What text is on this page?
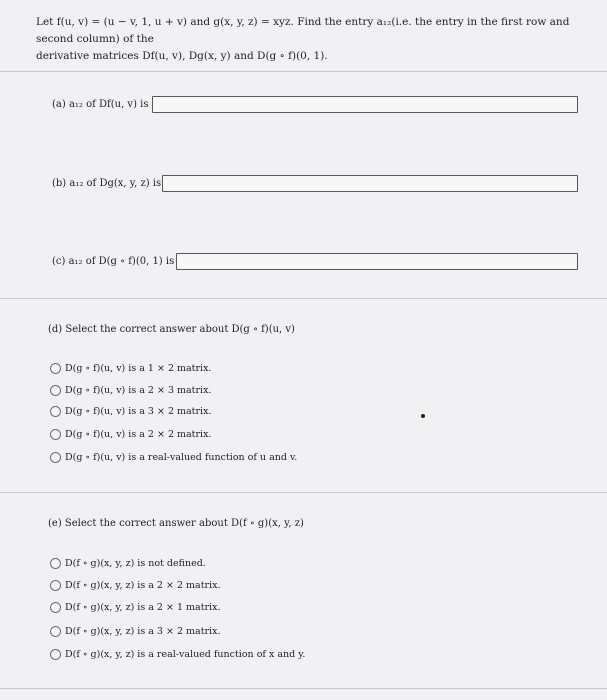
Let f(u, v) = (u − v, 1, u + v) and g(x, y, z) = xyz. Find the entry a₁₂(i.e. the entry in the first row and second column) of the
derivative matrices Df(u, v), Dg(x, y) and D(g ∘ f)(0, 1).
(a) a₁₂ of Df(u, v) is
(b) a₁₂ of Dg(x, y, z) is
(c) a₁₂ of D(g ∘ f)(0, 1) is
(d) Select the correct answer about D(g ∘ f)(u, v)
D(g ∘ f)(u, v) is a 1 × 2 matrix.
D(g ∘ f)(u, v) is a 2 × 3 matrix.
D(g ∘ f)(u, v) is a 3 × 2 matrix.
D(g ∘ f)(u, v) is a 2 × 2 matrix.
D(g ∘ f)(u, v) is a real-valued function of u and v.
(e) Select the correct answer about D(f ∘ g)(x, y, z)
D(f ∘ g)(x, y, z) is not defined.
D(f ∘ g)(x, y, z) is a 2 × 2 matrix.
D(f ∘ g)(x, y, z) is a 2 × 1 matrix.
D(f ∘ g)(x, y, z) is a 3 × 2 matrix.
D(f ∘ g)(x, y, z) is a real-valued function of x and y.
